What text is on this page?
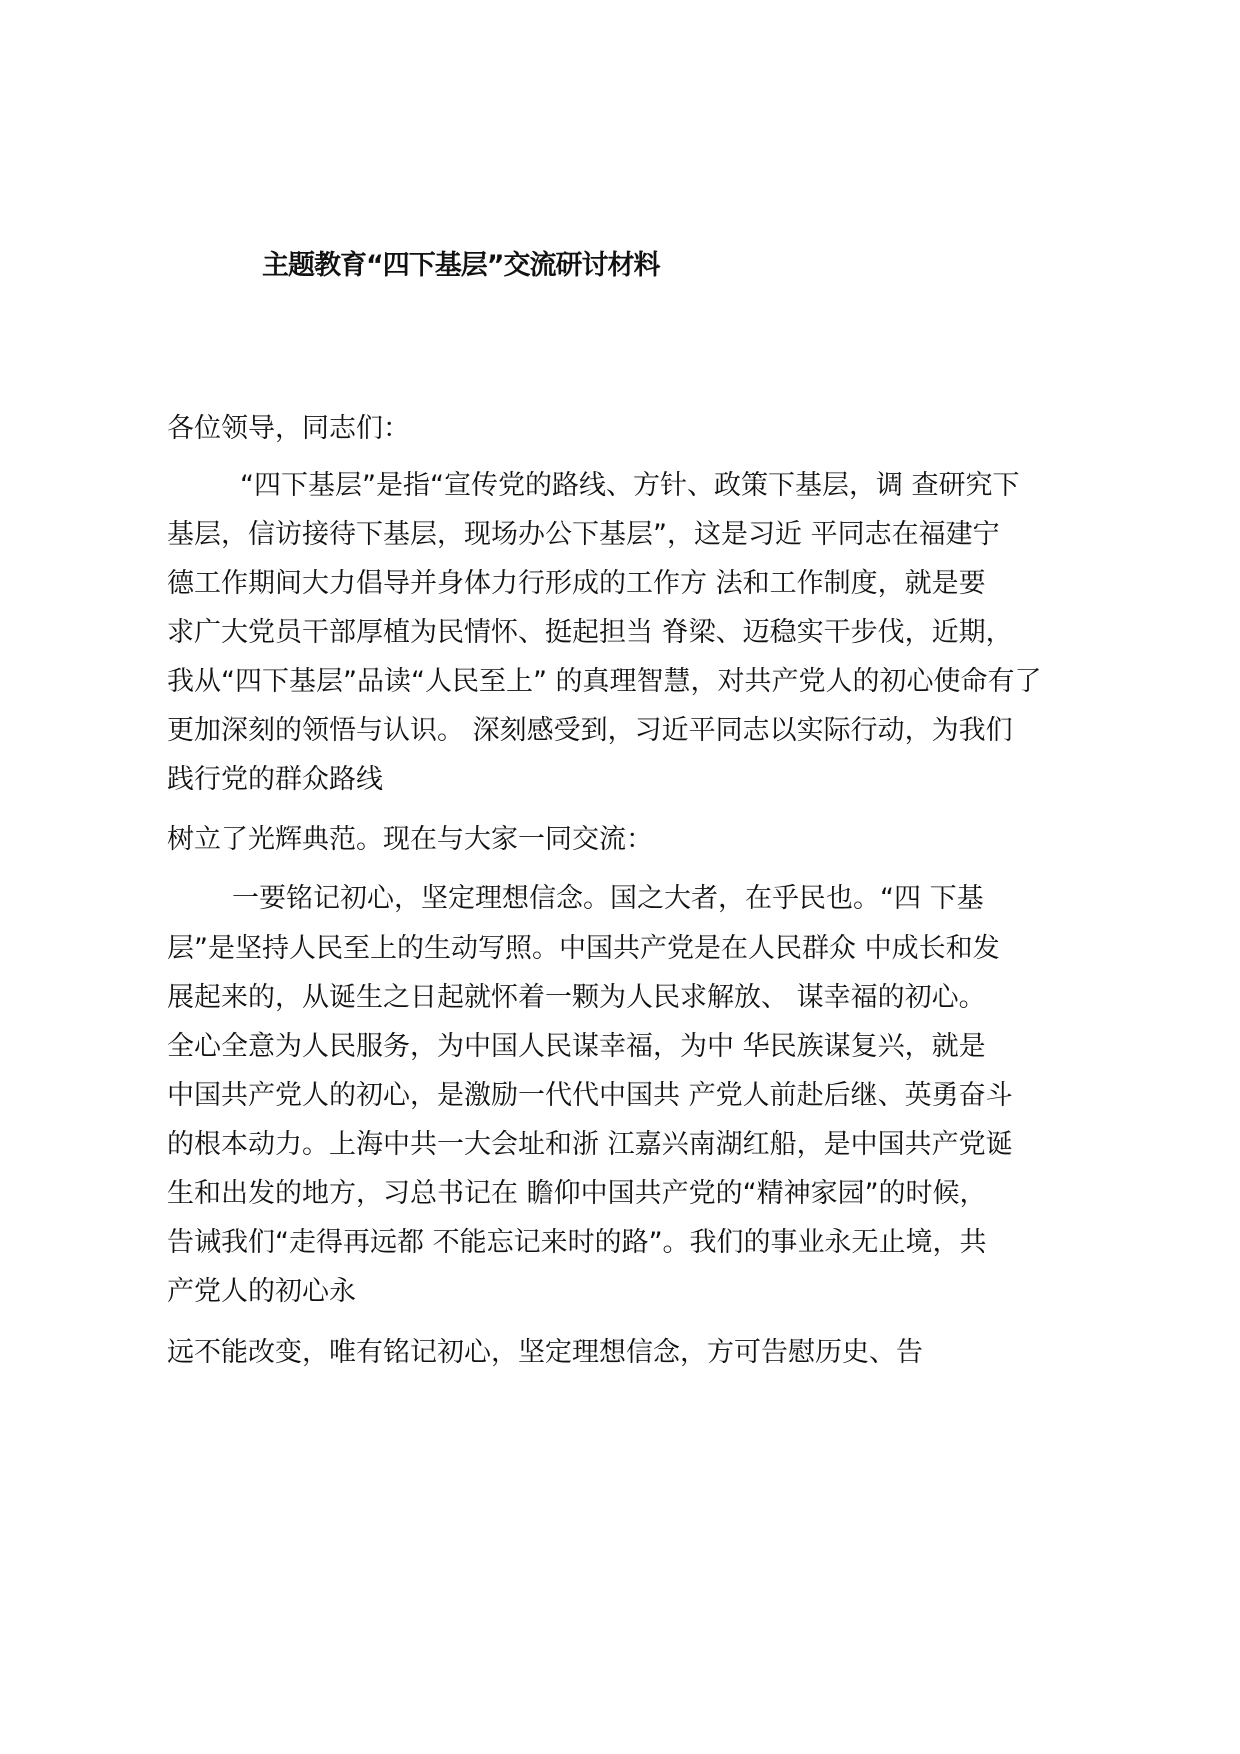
主题教育“四下基层”交流研讨材料
各位领导，同志们：
“四下基层”是指“宣传党的路线、方针、政策下基层，调 查研究下
基层，信访接待下基层，现场办公下基层”，这是习近 平同志在福建宁
德工作期间大力倡导并身体力行形成的工作方 法和工作制度，就是要
求广大党员干部厚植为民情怀、挺起担当 脊梁、迈稳实干步伐，近期，
我从“四下基层”品读“人民至上” 的真理智慧，对共产党人的初心使命有了
更加深刻的领悟与认识。 深刻感受到，习近平同志以实际行动，为我们
践行党的群众路线
树立了光辉典范。现在与大家一同交流：
一要铭记初心，坚定理想信念。国之大者，在乎民也。“四 下基
层”是坚持人民至上的生动写照。中国共产党是在人民群众 中成长和发
展起来的，从诞生之日起就怀着一颗为人民求解放、 谋幸福的初心。
全心全意为人民服务，为中国人民谋幸福，为中 华民族谋复兴，就是
中国共产党人的初心，是激励一代代中国共 产党人前赴后继、英勇奋斗
的根本动力。上海中共一大会址和浙 江嘉兴南湖红船，是中国共产党诞
生和出发的地方，习总书记在 瞻仰中国共产党的“精神家园”的时候，
告诫我们“走得再远都 不能忘记来时的路”。我们的事业永无止境，共
产党人的初心永
远不能改变，唯有铭记初心，坚定理想信念，方可告慰历史、告
